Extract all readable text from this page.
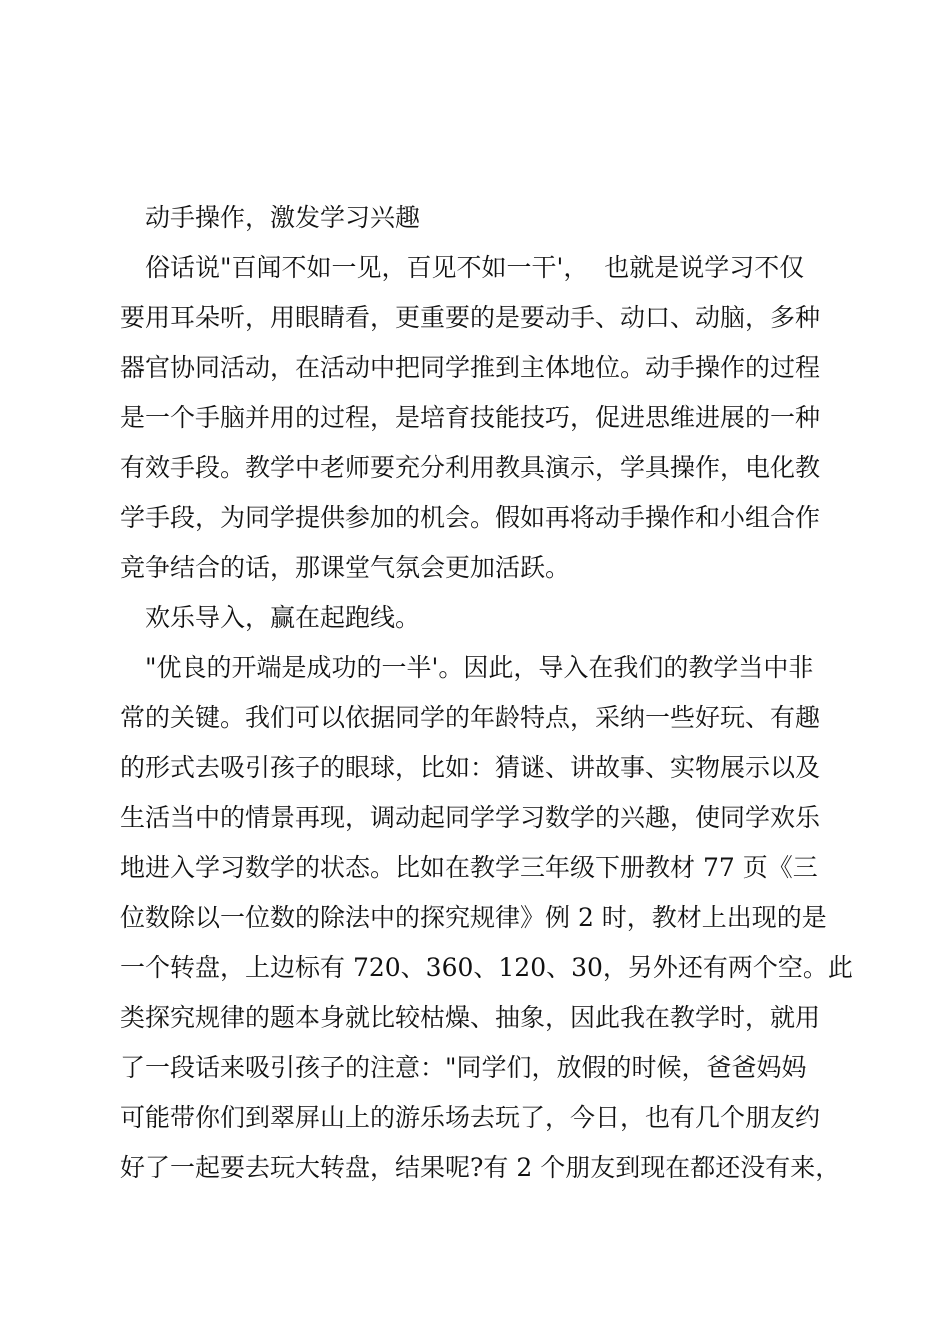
动手操作，激发学习兴趣
俗话说"百闻不如一见，百见不如一干'，  也就是说学习不仅
要用耳朵听，用眼睛看，更重要的是要动手、动口、动脑，多种
器官协同活动，在活动中把同学推到主体地位。动手操作的过程
是一个手脑并用的过程，是培育技能技巧，促进思维进展的一种
有效手段。教学中老师要充分利用教具演示，学具操作，电化教
学手段，为同学提供参加的机会。假如再将动手操作和小组合作
竞争结合的话，那课堂气氛会更加活跃。
欢乐导入，赢在起跑线。
"优良的开端是成功的一半'。因此，导入在我们的教学当中非
常的关键。我们可以依据同学的年龄特点，采纳一些好玩、有趣
的形式去吸引孩子的眼球，比如：猜谜、讲故事、实物展示以及
生活当中的情景再现，调动起同学学习数学的兴趣，使同学欢乐
地进入学习数学的状态。比如在教学三年级下册教材 77 页《三
位数除以一位数的除法中的探究规律》例 2 时，教材上出现的是
一个转盘，上边标有 720、360、120、30，另外还有两个空。此
类探究规律的题本身就比较枯燥、抽象，因此我在教学时，就用
了一段话来吸引孩子的注意："同学们，放假的时候，爸爸妈妈
可能带你们到翠屏山上的游乐场去玩了，今日，也有几个朋友约
好了一起要去玩大转盘，结果呢?有 2 个朋友到现在都还没有来，
